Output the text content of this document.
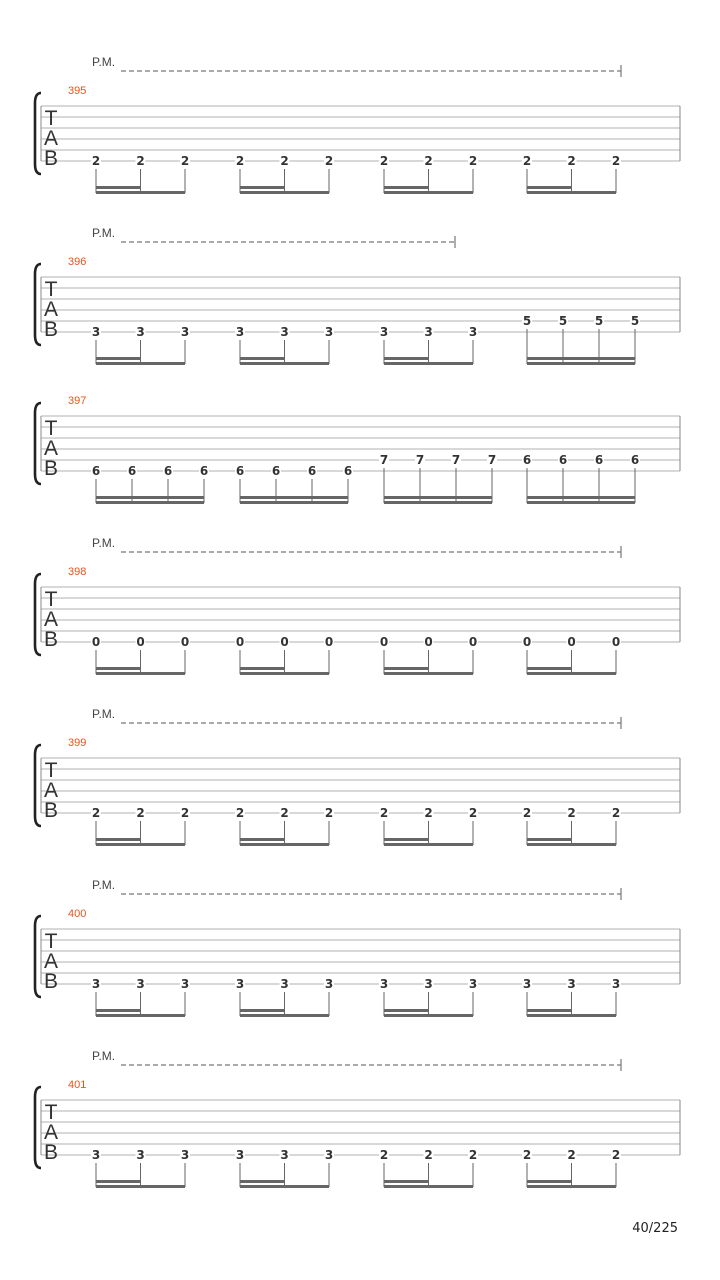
P.M.
395
T
A
B	2	2	2	2	2	2	2	2	2	2	2	2
P.M.
396
T
A
B	3	3	3	3	3	3	3	3	3
5 5 5 5
397
T
A
B	6 6 6 6 6 6 6 6
7 7 7 7 6 6 6 6
P.M.
398
T
A
B	0	0	0	0	0	0	0	0	0	0	0	0
P.M.
399
T
A
B	2	2	2	2	2	2	2	2	2	2	2	2
P.M.
400
T
A
B	3	3	3	3	3	3	3	3	3	3	3	3
P.M.
401
T
A
B	3	3	3	3	3	3	2	2	2	2	2	2
40/225
